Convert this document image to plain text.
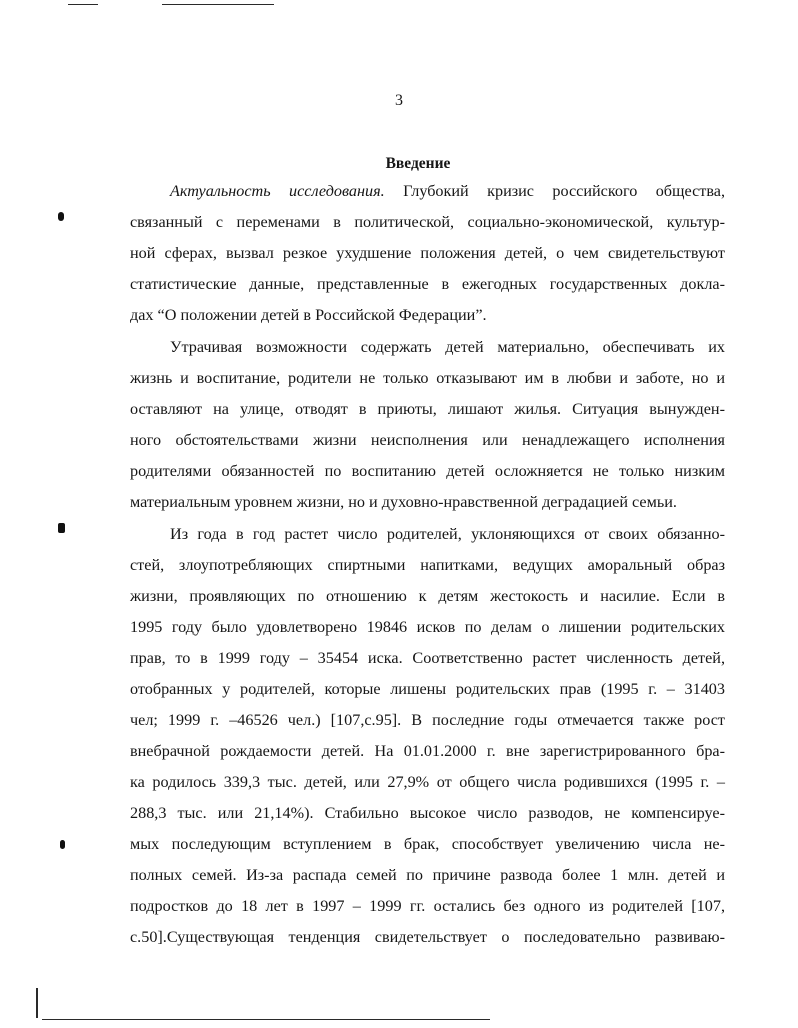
3
Введение
Актуальность исследования. Глубокий кризис российского общества,
связанный с переменами в политической, социально-экономической, культур-
ной сферах, вызвал резкое ухудшение положения детей, о чем свидетельствуют
статистические данные, представленные в ежегодных государственных доклa-
дах “О положении детей в Российской Федерации”.
Утрачивая возможности содержать детей материально, обеспечивать их
жизнь и воспитание, родители не только отказывают им в любви и заботе, но и
оставляют на улице, отводят в приюты, лишают жилья. Ситуация вынужден-
ного обстоятельствами жизни неисполнения или ненадлежащего исполнения
родителями обязанностей по воспитанию детей осложняется не только низким
материальным уровнем жизни, но и духовно-нравственной деградацией семьи.
Из года в год растет число родителей, уклоняющихся от своих обязанно-
стей, злоупотребляющих спиртными напитками, ведущих аморальный образ
жизни, проявляющих по отношению к детям жестокость и насилие. Если в
1995 году было удовлетворено 19846 исков по делам о лишении родительских
прав, то в 1999 году – 35454 иска. Соответственно растет численность детей,
отобранных у родителей, которые лишены родительских прав (1995 г. – 31403
чел; 1999 г. –46526 чел.) [107,с.95]. В последние годы отмечается также рост
внебрачной рождаемости детей. На 01.01.2000 г. вне зарегистрированного бра-
ка родилось 339,3 тыс. детей, или 27,9% от общего числа родившихся (1995 г. –
288,3 тыс. или 21,14%). Стабильно высокое число разводов, не компенсируе-
мых последующим вступлением в брак, способствует увеличению числа не-
полных семей. Из-за распада семей по причине развода более 1 млн. детей и
подростков до 18 лет в 1997 – 1999 гг. остались без одного из родителей [107,
с.50].Существующая тенденция свидетельствует о последовательно развиваю-
